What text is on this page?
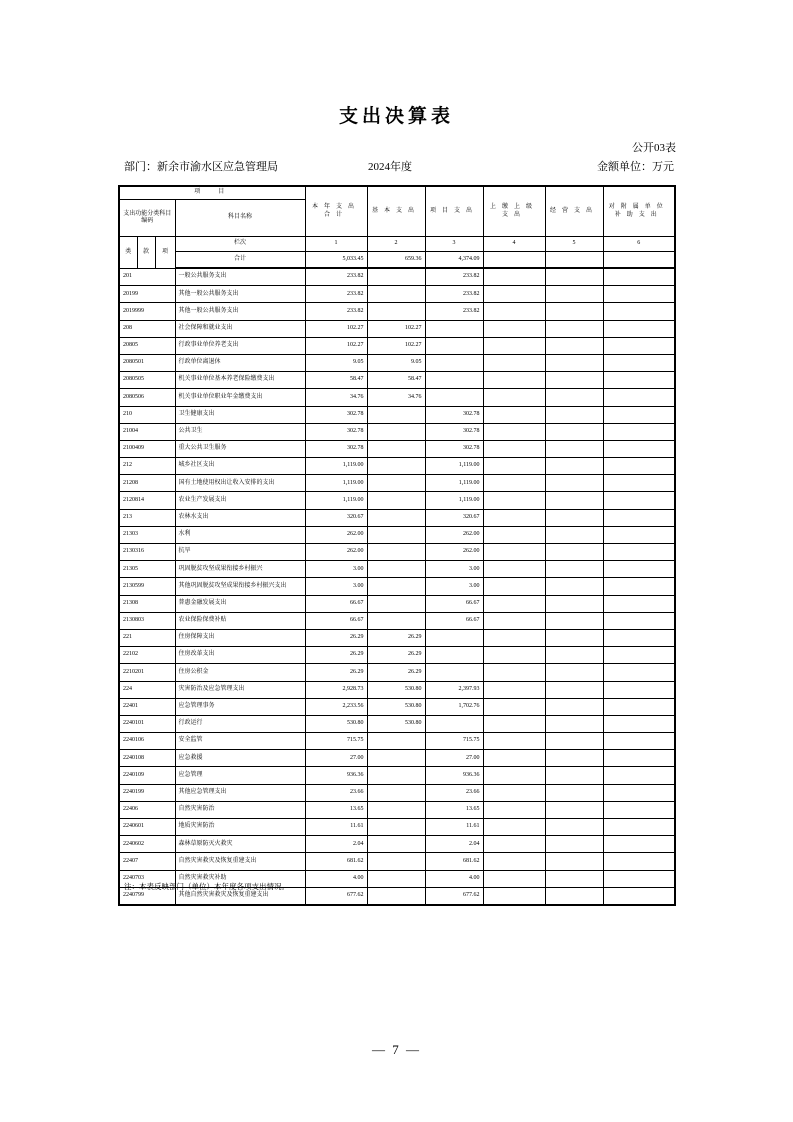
支出决算表
公开03表
部门：新余市渝水区应急管理局	2024年度	金额单位：万元
项　目				本年支出合计	基本支出	项目支出	上缴上级支出	经营支出	对附属单位补助支出
支出功能分类科目编码			科目名称						
类	款	项	栏次	1	2	3	4	5	6
			合计	5,033.45	659.36	4,374.09			
201			一般公共服务支出	233.82		233.82			
20199			其他一般公共服务支出	233.82		233.82			
2019999			其他一般公共服务支出	233.82		233.82			
208			社会保障和就业支出	102.27	102.27				
20805			行政事业单位养老支出	102.27	102.27				
2080501			行政单位离退休	9.05	9.05				
2080505			机关事业单位基本养老保险缴费支出	58.47	58.47				
2080506			机关事业单位职业年金缴费支出	34.76	34.76				
210			卫生健康支出	302.78		302.78			
21004			公共卫生	302.78		302.78			
2100409			重大公共卫生服务	302.78		302.78			
212			城乡社区支出	1,119.00		1,119.00			
21208			国有土地使用权出让收入安排的支出	1,119.00		1,119.00			
2120814			农业生产发展支出	1,119.00		1,119.00			
213			农林水支出	320.67		320.67			
21303			水利	262.00		262.00			
2130316			抗旱	262.00		262.00			
21305			巩固脱贫攻坚成果衔接乡村振兴	3.00		3.00			
2130599			其他巩固脱贫攻坚成果衔接乡村振兴支出	3.00		3.00			
21308			普惠金融发展支出	66.67		66.67			
2130803			农业保险保费补贴	66.67		66.67			
221			住房保障支出	26.29	26.29				
22102			住房改革支出	26.29	26.29				
2210201			住房公积金	26.29	26.29				
224			灾害防治及应急管理支出	2,928.73	530.80	2,397.93			
22401			应急管理事务	2,233.56	530.80	1,702.76			
2240101			行政运行	530.80	530.80				
2240106			安全监管	715.75		715.75			
2240108			应急救援	27.00		27.00			
2240109			应急管理	936.36		936.36			
2240199			其他应急管理支出	23.66		23.66			
22406			自然灾害防治	13.65		13.65			
2240601			地质灾害防治	11.61		11.61			
2240602			森林草原防灭火救灾	2.04		2.04			
22407			自然灾害救灾及恢复重建支出	681.62		681.62			
2240703			自然灾害救灾补助	4.00		4.00			
2240799			其他自然灾害救灾及恢复重建支出	677.62		677.62			
注：本表反映部门（单位）本年度各项支出情况。
— 7 —
